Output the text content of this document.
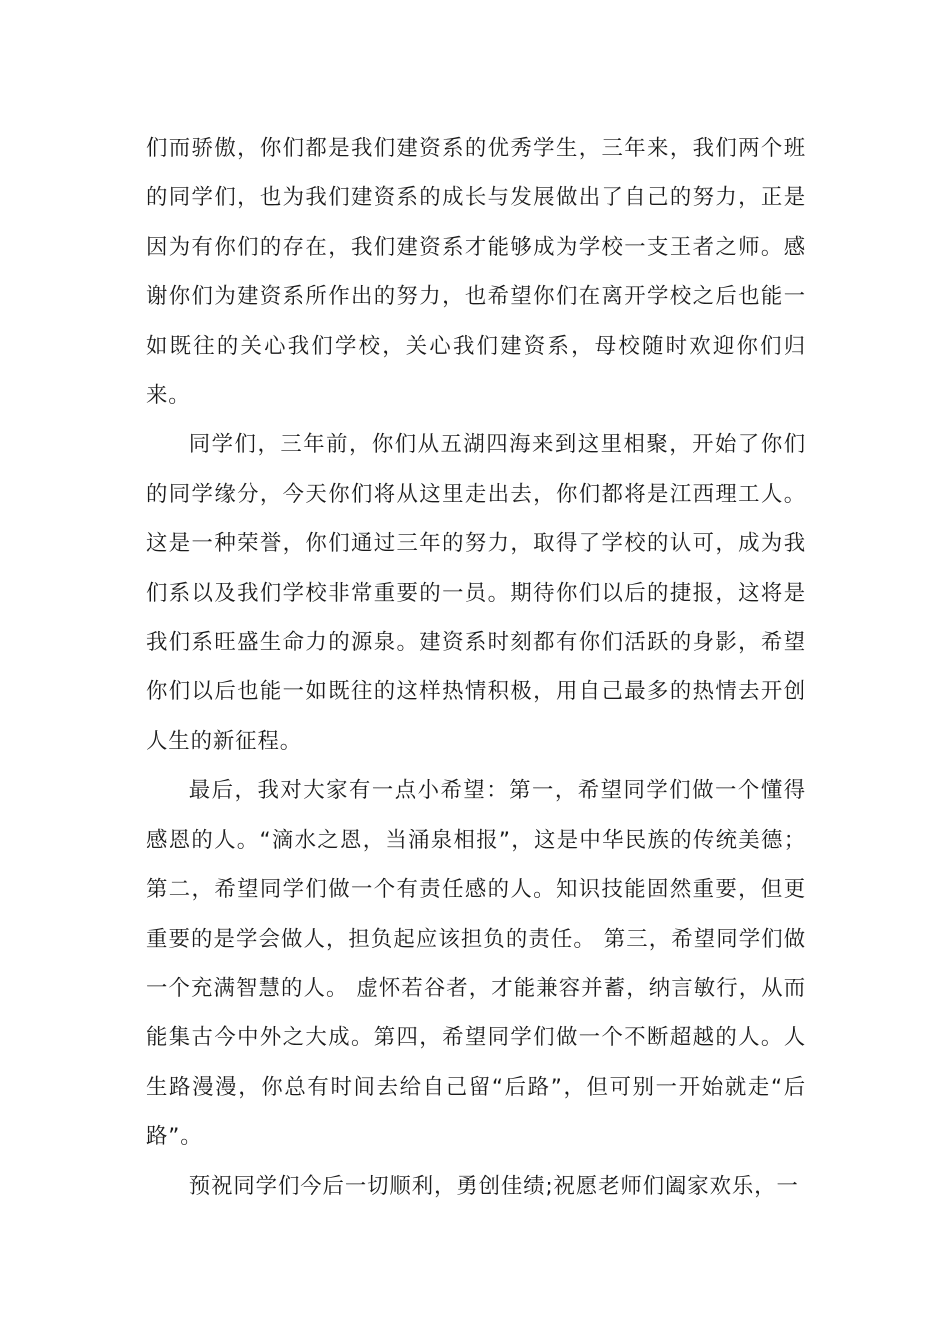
们而骄傲，你们都是我们建资系的优秀学生，三年来，我们两个班的同学们，也为我们建资系的成长与发展做出了自己的努力，正是因为有你们的存在，我们建资系才能够成为学校一支王者之师。感谢你们为建资系所作出的努力，也希望你们在离开学校之后也能一如既往的关心我们学校，关心我们建资系，母校随时欢迎你们归来。

同学们，三年前，你们从五湖四海来到这里相聚，开始了你们的同学缘分，今天你们将从这里走出去，你们都将是江西理工人。这是一种荣誉，你们通过三年的努力，取得了学校的认可，成为我们系以及我们学校非常重要的一员。期待你们以后的捷报，这将是我们系旺盛生命力的源泉。建资系时刻都有你们活跃的身影，希望你们以后也能一如既往的这样热情积极，用自己最多的热情去开创人生的新征程。

最后，我对大家有一点小希望：第一，希望同学们做一个懂得感恩的人。“滴水之恩，当涌泉相报”，这是中华民族的传统美德；第二，希望同学们做一个有责任感的人。知识技能固然重要，但更重要的是学会做人，担负起应该担负的责任。 第三，希望同学们做一个充满智慧的人。 虚怀若谷者，才能兼容并蓄，纳言敏行，从而能集古今中外之大成。第四，希望同学们做一个不断超越的人。人生路漫漫，你总有时间去给自己留“后路”，但可别一开始就走“后路”。

预祝同学们今后一切顺利，勇创佳绩;祝愿老师们阖家欢乐，一
